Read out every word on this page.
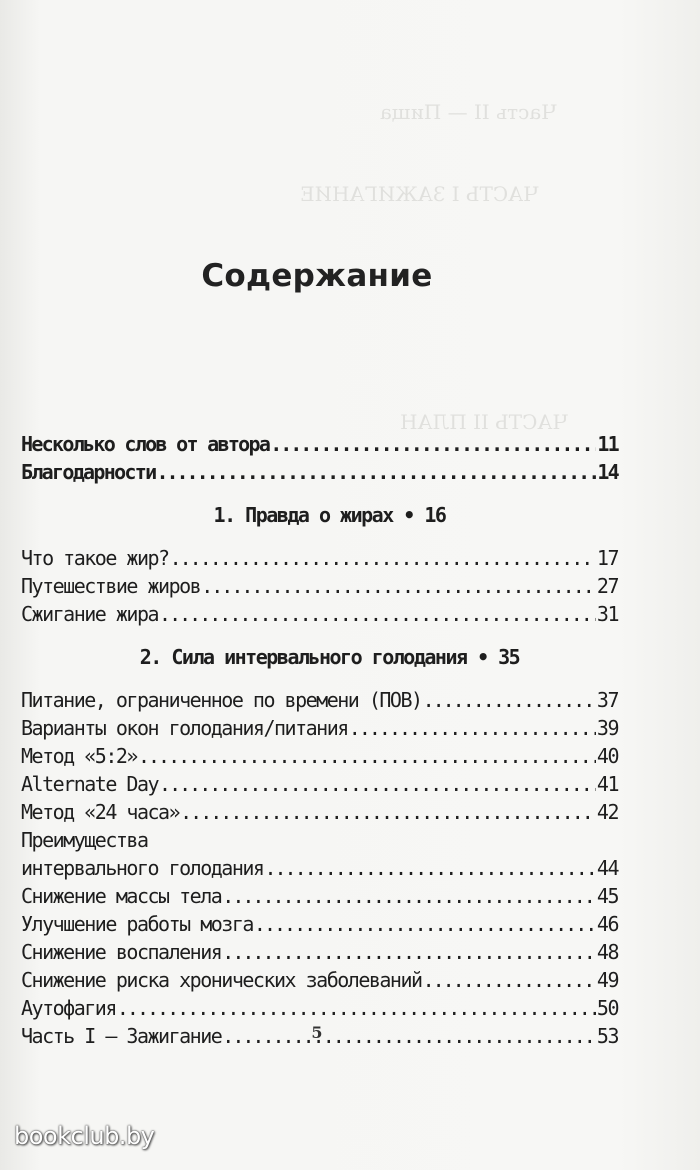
Часть II — Пища
ЧАСТЬ I ЗАЖИГАНИЕ
ЧАСТЬ II ПЛАН
Содержание
Несколько слов от автора .....	11
Благодарности .....	14
1. Правда о жирах • 16
Что такое жир? .....	17
Путешествие жиров .....	27
Сжигание жира .....	31
2. Сила интервального голодания • 35
Питание, ограниченное по времени (ПОВ) .....	37
Варианты окон голодания/питания .....	39
Метод «5:2» .....	40
Alternate Day .....	41
Метод «24 часа» .....	42
Преимущества
интервального голодания .....	44
Снижение массы тела .....	45
Улучшение работы мозга .....	46
Снижение воспаления .....	48
Снижение риска хронических заболеваний .....	49
Аутофагия .....	50
Часть I — Зажигание .....	53
5
bookclub.by
